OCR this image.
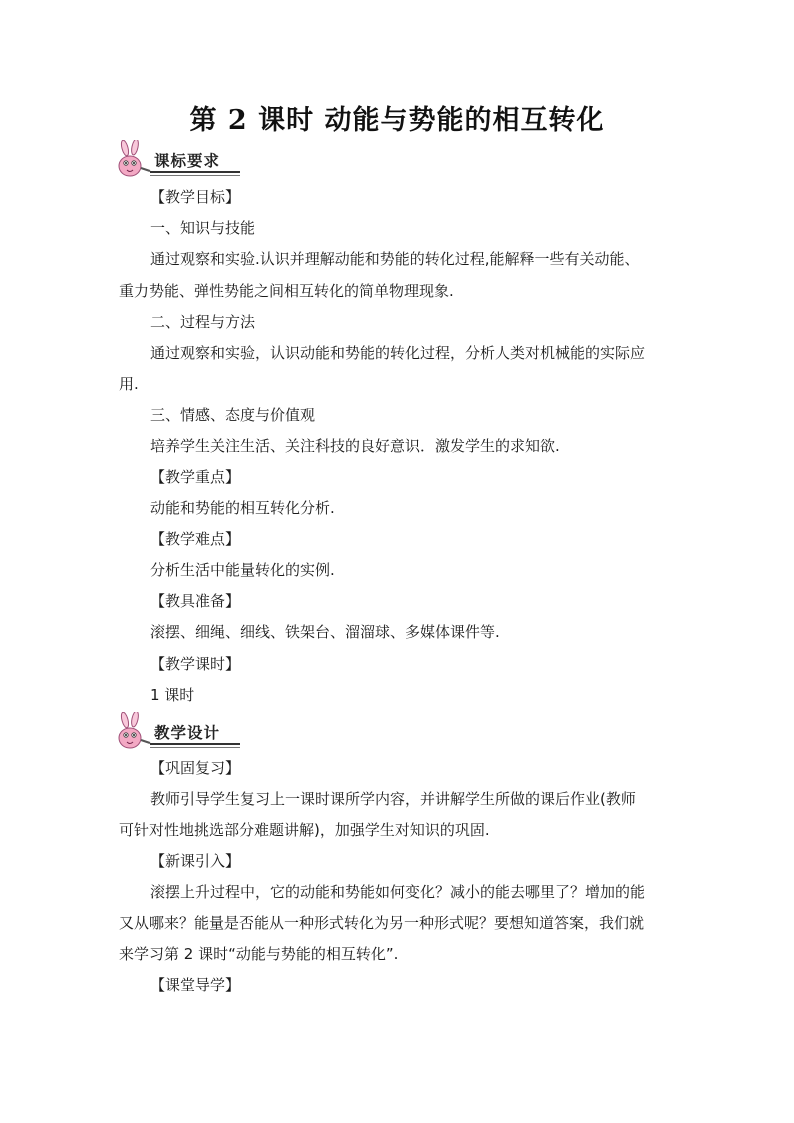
第 2 课时 动能与势能的相互转化
课标要求
【教学目标】
一、知识与技能
通过观察和实验.认识并理解动能和势能的转化过程,能解释一些有关动能、
重力势能、弹性势能之间相互转化的简单物理现象.
二、过程与方法
通过观察和实验，认识动能和势能的转化过程，分析人类对机械能的实际应
用.
三、情感、态度与价值观
培养学生关注生活、关注科技的良好意识．激发学生的求知欲.
【教学重点】
动能和势能的相互转化分析.
【教学难点】
分析生活中能量转化的实例.
【教具准备】
滚摆、细绳、细线、铁架台、溜溜球、多媒体课件等.
【教学课时】
1 课时
教学设计
【巩固复习】
教师引导学生复习上一课时课所学内容，并讲解学生所做的课后作业(教师
可针对性地挑选部分难题讲解)，加强学生对知识的巩固.
【新课引入】
滚摆上升过程中，它的动能和势能如何变化？减小的能去哪里了？增加的能
又从哪来？能量是否能从一种形式转化为另一种形式呢？要想知道答案，我们就
来学习第 2 课时“动能与势能的相互转化”.
【课堂导学】
